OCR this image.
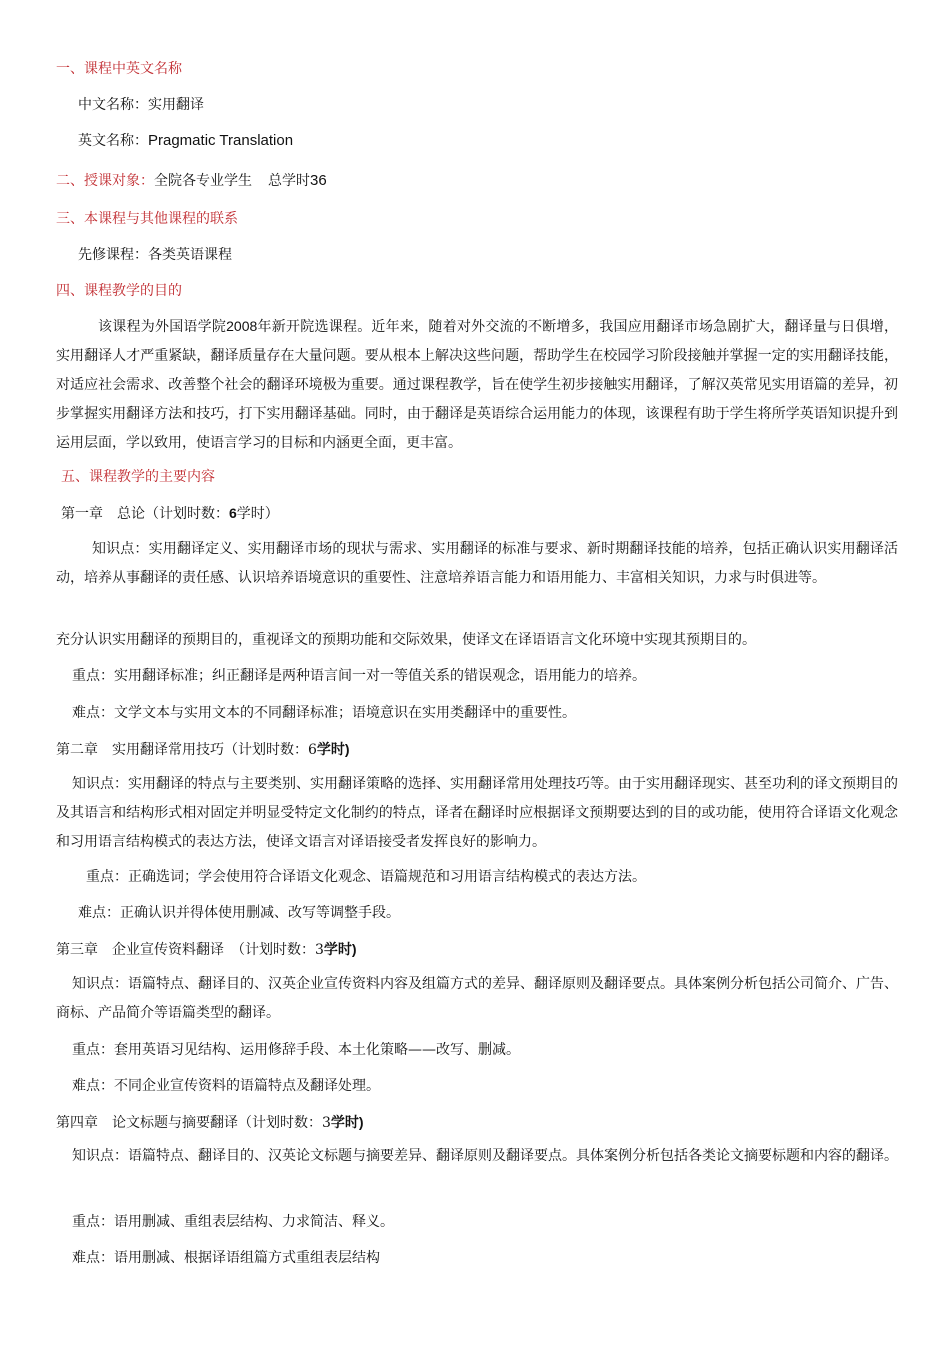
一、课程中英文名称
中文名称：实用翻译
英文名称：Pragmatic Translation
二、授课对象：全院各专业学生 总学时36
三、本课程与其他课程的联系
先修课程：各类英语课程
四、课程教学的目的
该课程为外国语学院2008年新开院选课程。近年来，随着对外交流的不断增多，我国应用翻译市场急剧扩大，翻译量与日俱增，实用翻译人才严重紧缺，翻译质量存在大量问题。要从根本上解决这些问题，帮助学生在校园学习阶段接触并掌握一定的实用翻译技能，对适应社会需求、改善整个社会的翻译环境极为重要。通过课程教学，旨在使学生初步接触实用翻译，了解汉英常见实用语篇的差异，初步掌握实用翻译方法和技巧，打下实用翻译基础。同时，由于翻译是英语综合运用能力的体现，该课程有助于学生将所学英语知识提升到运用层面，学以致用，使语言学习的目标和内涵更全面，更丰富。
五、课程教学的主要内容
第一章　总论（计划时数：6学时）
知识点：实用翻译定义、实用翻译市场的现状与需求、实用翻译的标准与要求、新时期翻译技能的培养，包括正确认识实用翻译活动，培养从事翻译的责任感、认识培养语境意识的重要性、注意培养语言能力和语用能力、丰富相关知识，力求与时俱进等。
充分认识实用翻译的预期目的，重视译文的预期功能和交际效果，使译文在译语语言文化环境中实现其预期目的。
重点：实用翻译标准；纠正翻译是两种语言间一对一等值关系的错误观念，语用能力的培养。
难点：文学文本与实用文本的不同翻译标准；语境意识在实用类翻译中的重要性。
第二章　实用翻译常用技巧（计划时数：6学时)
知识点：实用翻译的特点与主要类别、实用翻译策略的选择、实用翻译常用处理技巧等。由于实用翻译现实、甚至功利的译文预期目的及其语言和结构形式相对固定并明显受特定文化制约的特点，译者在翻译时应根据译文预期要达到的目的或功能，使用符合译语文化观念和习用语言结构模式的表达方法，使译文语言对译语接受者发挥良好的影响力。
重点：正确选词；学会使用符合译语文化观念、语篇规范和习用语言结构模式的表达方法。
难点：正确认识并得体使用删减、改写等调整手段。
第三章　企业宣传资料翻译　（计划时数：3学时)
知识点：语篇特点、翻译目的、汉英企业宣传资料内容及组篇方式的差异、翻译原则及翻译要点。具体案例分析包括公司简介、广告、商标、产品简介等语篇类型的翻译。
重点：套用英语习见结构、运用修辞手段、本土化策略——改写、删减。
难点：不同企业宣传资料的语篇特点及翻译处理。
第四章　论文标题与摘要翻译（计划时数：3学时)
知识点：语篇特点、翻译目的、汉英论文标题与摘要差异、翻译原则及翻译要点。具体案例分析包括各类论文摘要标题和内容的翻译。
重点：语用删减、重组表层结构、力求简洁、释义。
难点：语用删减、根据译语组篇方式重组表层结构
